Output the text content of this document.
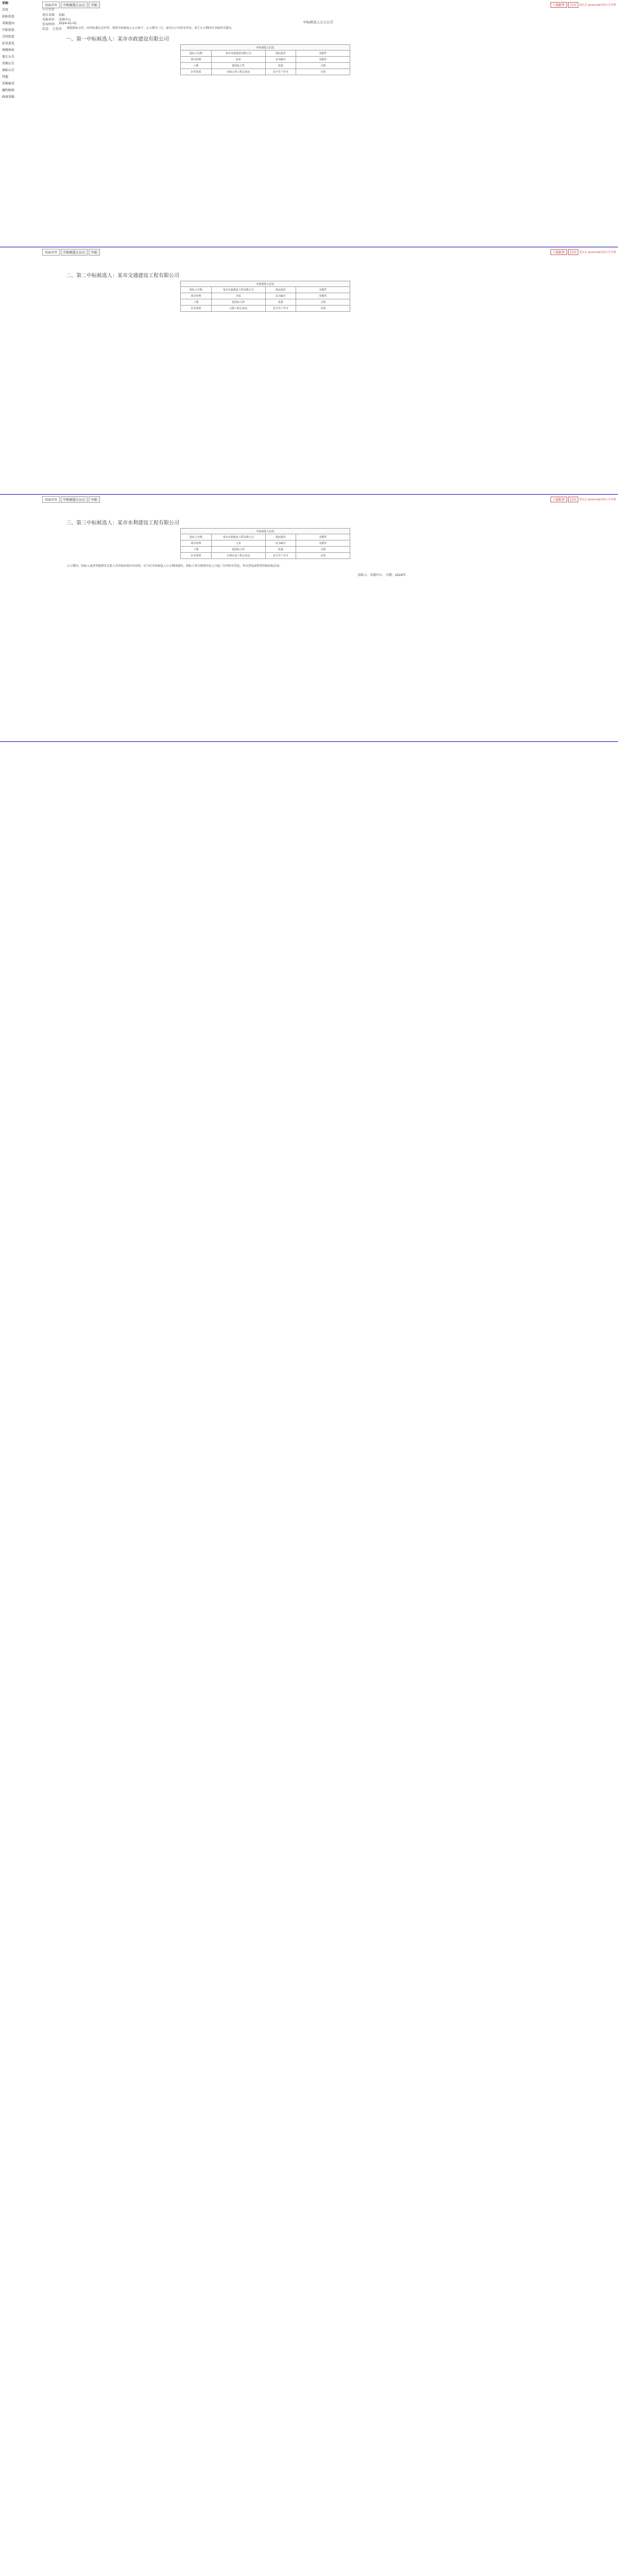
采购
首页
招标信息
采购意向
中标信息
合同信息
征求意见
资格预审
更正公告
采购公告
废标公告
其他
采购需求
履约验收
政府采购
页面首页	中标候选人公示	中标
公告信息
项目名称 招标
采购单位 采购中心
发布时间 2024-01-01
状态 已发布
下载附件	打印	请点击 javascript查看公告详情
中标候选人公示公告

根据招标文件，经评标委员会评审，现将中标候选人公示如下，公示期为三日。如对公示内容有异议，请于公示期内以书面形式提出。

一、第一中标候选人：某市市政建设有限公司
中标候选人信息			
投标人名称	某市市政建设有限公司	投标报价	见附件
项目经理	张某	证书编号	见附件
工期	按招标文件	质量	合格
企业资质	市政公用工程总承包	安全生产许可	有效
页面首页	中标候选人公示	中标	下载附件	打印	请点击 javascript查看公告详情
二、第二中标候选人：某市交通建设工程有限公司
中标候选人信息			
投标人名称	某市交通建设工程有限公司	投标报价	见附件
项目经理	李某	证书编号	见附件
工期	按招标文件	质量	合格
企业资质	公路工程总承包	安全生产许可	有效
页面首页	中标候选人公示	中标	下载附件	打印	请点击 javascript查看公告详情
三、第三中标候选人：某市水利建设工程有限公司
中标候选人信息			
投标人名称	某市水利建设工程有限公司	投标报价	见附件
项目经理	王某	证书编号	见附件
工期	按招标文件	质量	合格
企业资质	水利水电工程总承包	安全生产许可	有效

公示期内，投标人或者其他利害关系人对评标结果有异议的，应当在中标候选人公示期间提出。招标人将自收到异议之日起三日内作出答复，作出答复前暂停招标投标活动。

招标人：采购中心　日期：2024年
